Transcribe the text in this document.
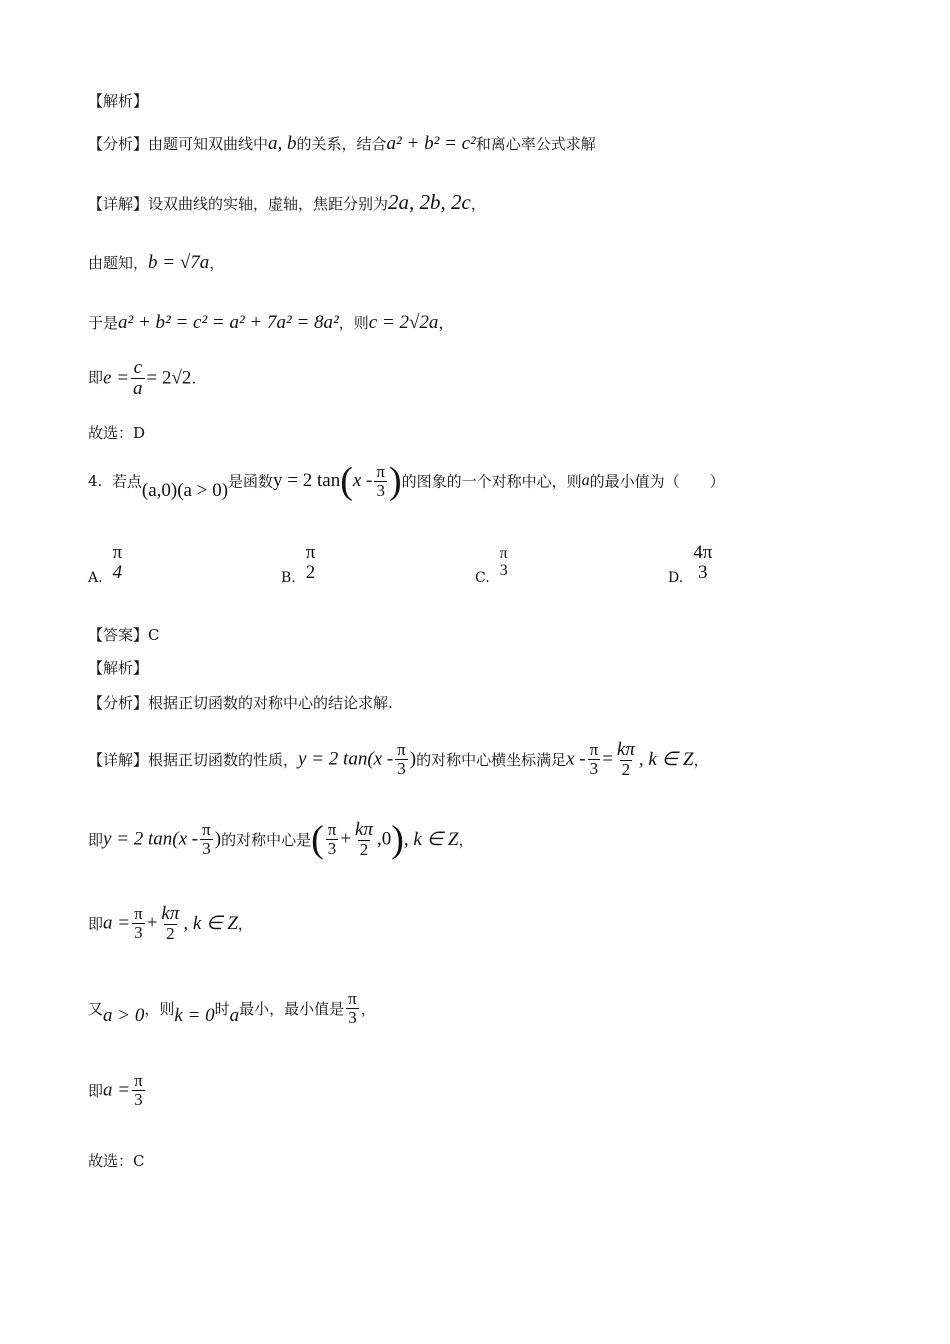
【解析】
【分析】由题可知双曲线中a, b的关系，结合a² + b² = c²和离心率公式求解
【详解】设双曲线的实轴，虚轴，焦距分别为2a, 2b, 2c，
由题知，b = √7a，
于是a² + b² = c² = a² + 7a² = 8a²，则c = 2√2a，
即$e = \frac{c}{a} = 2√2$.
故选：D
4. 若点(a,0)(a > 0)是函数y = 2 $\tan(x - \frac{\pi}{3}$ )的图象的一个对称中心，则a的最小值为（　　）
A.
π
4	B.
π
2	C.
π
3	D.
4π
3
【答案】C
【解析】
【分析】根据正切函数的对称中心的结论求解.
【详解】根据正切函数的性质，y = 2 $\tan(x - \frac{\pi}{3}$ )的对称中心横坐标满足$x - \frac{\pi}{3} = \frac{k\pi}{2}$ , k ∈ Z，
即y = 2 $\tan(x - \frac{\pi}{3}$ )的对称中心是( $\frac{\pi}{3} + \frac{k\pi}{2} ,0$), k ∈ Z，
即$a = \frac{\pi}{3} + \frac{k\pi}{2}$ , k ∈ Z，
又a > 0，则k = 0时a最小，最小值是 $\frac{\pi}{3}$ ，
即$a = \frac{\pi}{3}$
故选：C
